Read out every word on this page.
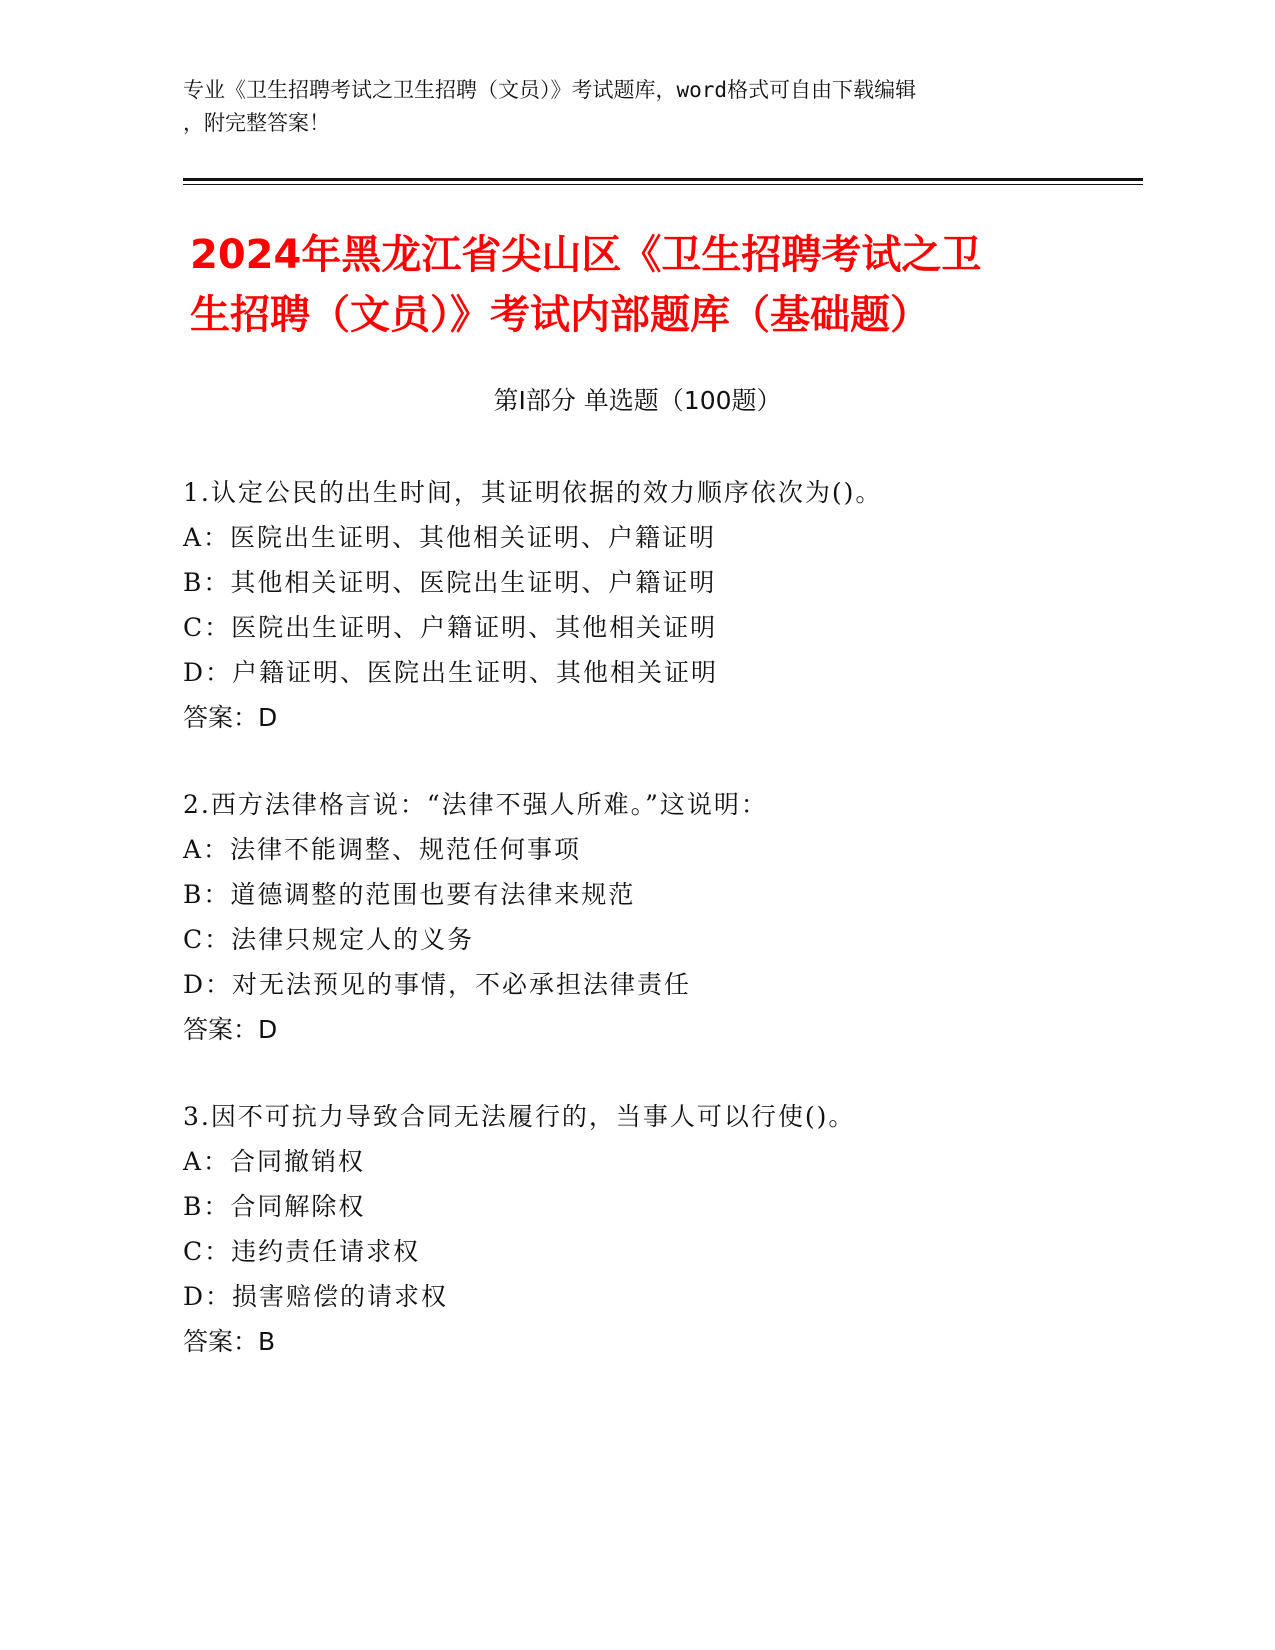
专业《卫生招聘考试之卫生招聘（文员）》考试题库，word格式可自由下载编辑
，附完整答案！
2024年黑龙江省尖山区《卫生招聘考试之卫
生招聘（文员）》考试内部题库（基础题）
第I部分 单选题（100题）
1.认定公民的出生时间，其证明依据的效力顺序依次为()。
A：医院出生证明、其他相关证明、户籍证明
B：其他相关证明、医院出生证明、户籍证明
C：医院出生证明、户籍证明、其他相关证明
D：户籍证明、医院出生证明、其他相关证明
答案：D
2.西方法律格言说：“法律不强人所难。”这说明：
A：法律不能调整、规范任何事项
B：道德调整的范围也要有法律来规范
C：法律只规定人的义务
D：对无法预见的事情，不必承担法律责任
答案：D
3.因不可抗力导致合同无法履行的，当事人可以行使()。
A：合同撤销权
B：合同解除权
C：违约责任请求权
D：损害赔偿的请求权
答案：B
